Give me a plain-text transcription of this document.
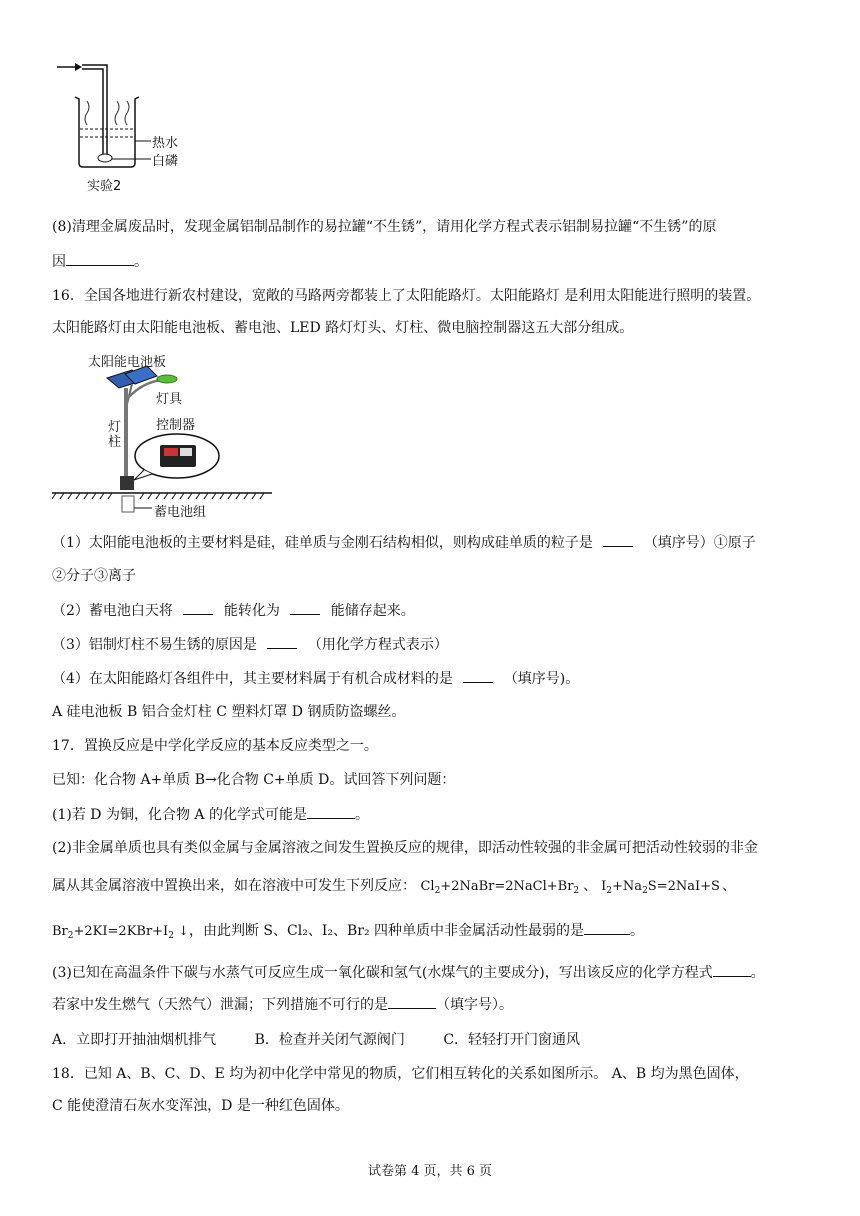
热水
白磷
实验2
(8)清理金属废品时，发现金属铝制品制作的易拉罐“不生锈”，请用化学方程式表示铝制易拉罐“不生锈”的原
因	。
16．全国各地进行新农村建设，宽敞的马路两旁都装上了太阳能路灯。太阳能路灯 是利用太阳能进行照明的装置。
太阳能路灯由太阳能电池板、蓄电池、LED 路灯灯头、灯柱、微电脑控制器这五大部分组成。
太阳能电池板
灯具
灯柱
控制器
蓄电池组
（1）太阳能电池板的主要材料是硅，硅单质与金刚石结构相似，则构成硅单质的粒子是	（填序号）①原子
②分子③离子
（2）蓄电池白天将	能转化为	能储存起来。
（3）铝制灯柱不易生锈的原因是	（用化学方程式表示）
（4）在太阳能路灯各组件中，其主要材料属于有机合成材料的是	（填序号)。
A 硅电池板 B 铝合金灯柱 C 塑料灯罩 D 钢质防盗螺丝。
17．置换反应是中学化学反应的基本反应类型之一。
已知：化合物 A+单质 B→化合物 C+单质 D。试回答下列问题：
(1)若 D 为铜，化合物 A 的化学式可能是	。
(2)非金属单质也具有类似金属与金属溶液之间发生置换反应的规律，即活动性较强的非金属可把活动性较弱的非金
属从其金属溶液中置换出来，如在溶液中可发生下列反应： $Cl_2+2NaBr=2NaCl+Br_2$ 、 $I_2+Na_2S=2NaI+S$ 、
$Br_2+2KI=2KBr+I_2$ ↓，由此判断 S、Cl₂、I₂、Br₂ 四种单质中非金属活动性最弱的是	。
(3)已知在高温条件下碳与水蒸气可反应生成一氧化碳和氢气(水煤气的主要成分)，写出该反应的化学方程式	。
若家中发生燃气（天然气）泄漏；下列措施不可行的是	（填字号）。
A．立即打开抽油烟机排气	B．检查并关闭气源阀门	C．轻轻打开门窗通风
18．已知 A、B、C、D、E 均为初中化学中常见的物质，它们相互转化的关系如图所示。 A、B 均为黑色固体，
C 能使澄清石灰水变浑浊，D 是一种红色固体。
试卷第 4 页，共 6 页
